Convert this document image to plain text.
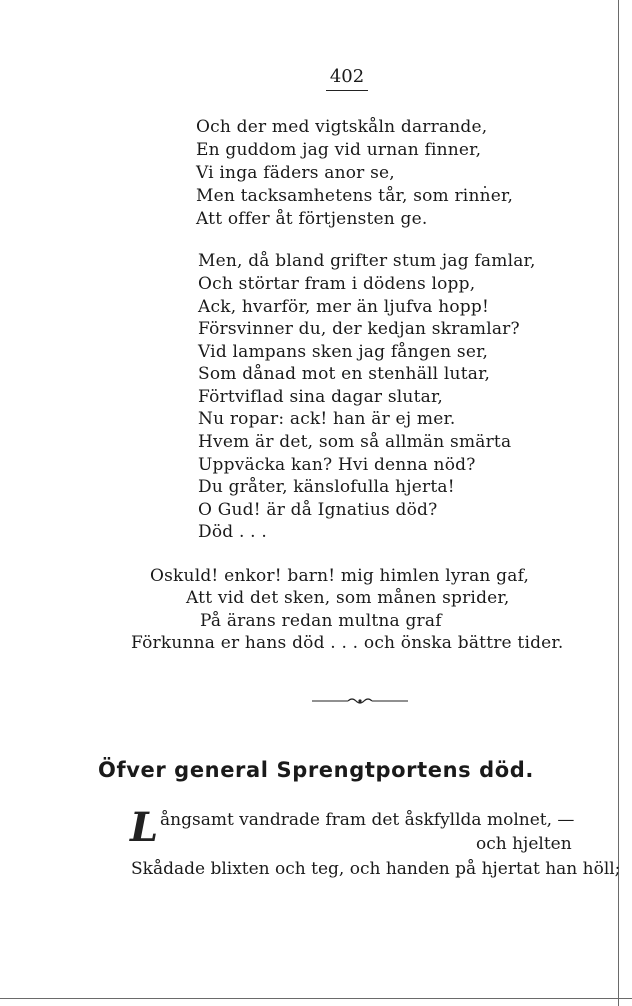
402
Och der med vigtskåln darrande,
En guddom jag vid urnan finner,
Vi inga fäders anor se,
Men tacksamhetens tår, som rinner,
Att offer åt förtjensten ge.
Men, då bland grifter stum jag famlar,
Och störtar fram i dödens lopp,
Ack, hvarför, mer än ljufva hopp!
Försvinner du, der kedjan skramlar?
Vid lampans sken jag fången ser,
Som dånad mot en stenhäll lutar,
Förtviflad sina dagar slutar,
Nu ropar: ack! han är ej mer.
Hvem är det, som så allmän smärta
Uppväcka kan? Hvi denna nöd?
Du gråter, känslofulla hjerta!
O Gud! är då Ignatius död?
Död . . .
Oskuld! enkor! barn! mig himlen lyran gaf,
Att vid det sken, som månen sprider,
På ärans redan multna graf
Förkunna er hans död . . . och önska bättre tider.
Öfver general Sprengtportens död.
L ångsamt vandrade fram det åskfyllda molnet, —
och hjelten
Skådade blixten och teg, och handen på hjertat han höll;
